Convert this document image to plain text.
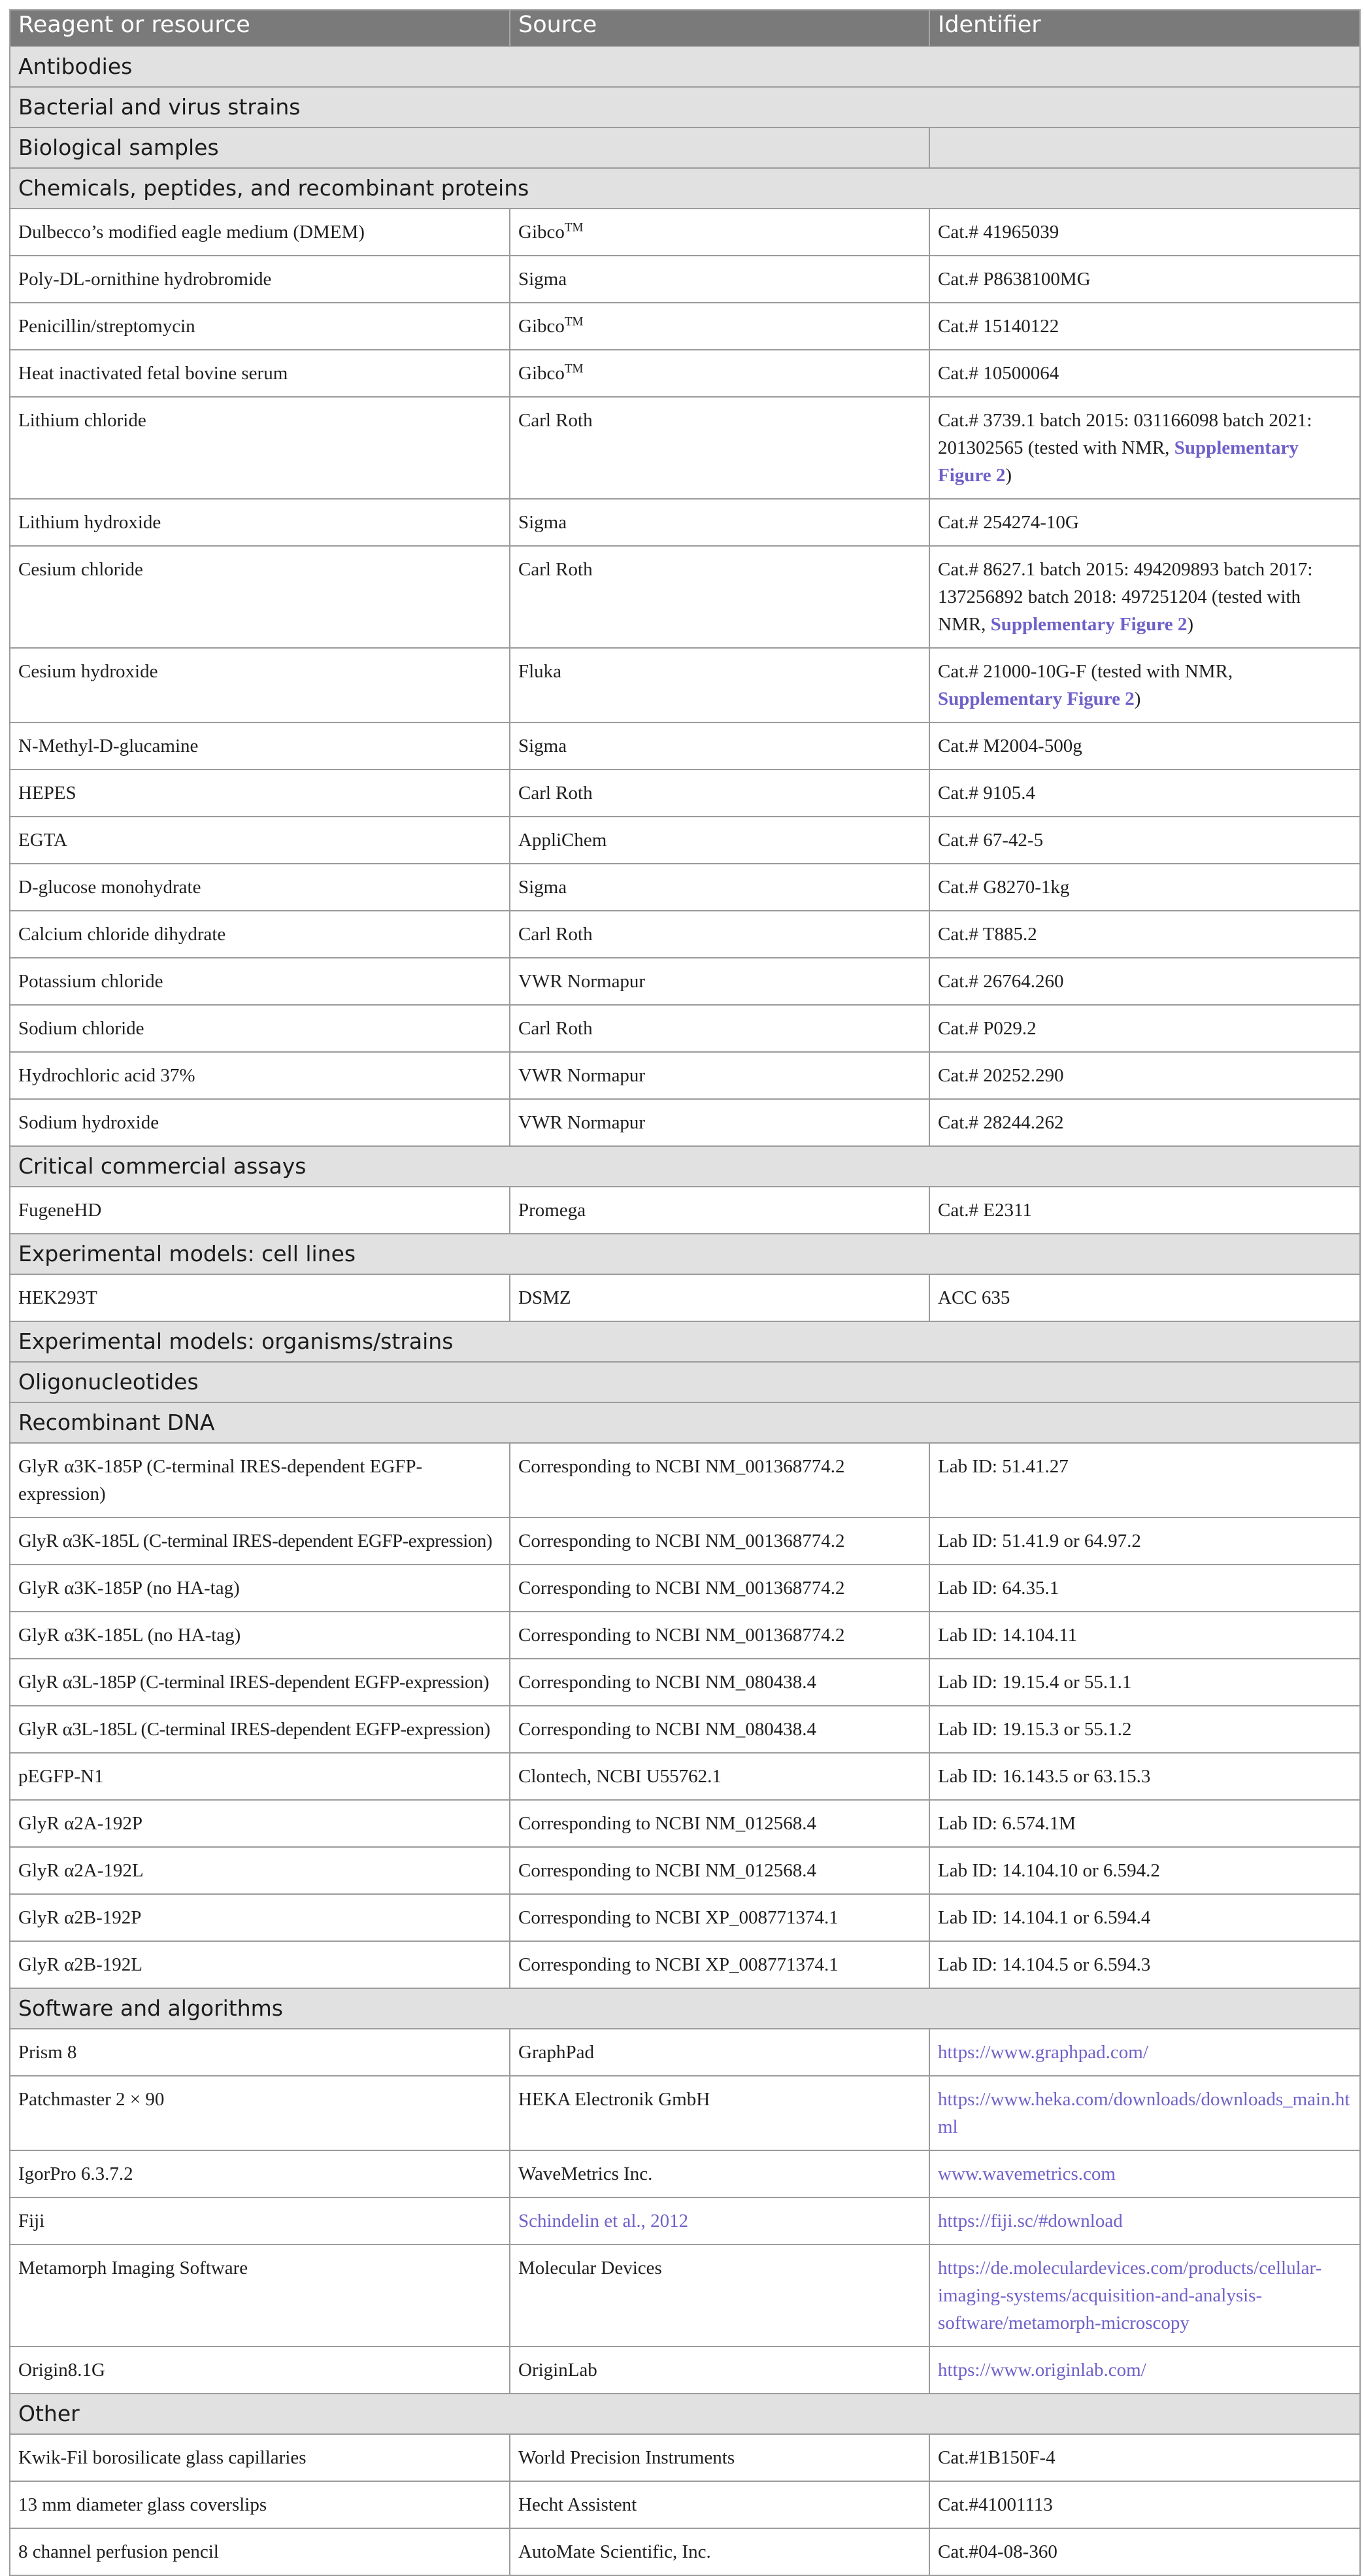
Reagent or resource	Source	Identifier
Antibodies		
Bacterial and virus strains		
Biological samples		
Chemicals, peptides, and recombinant proteins		
Dulbecco’s modified eagle medium (DMEM)	Gibco™	Cat.# 41965039
Poly-DL-ornithine hydrobromide	Sigma	Cat.# P8638100MG
Penicillin/streptomycin	Gibco™	Cat.# 15140122
Heat inactivated fetal bovine serum	Gibco™	Cat.# 10500064
Lithium chloride	Carl Roth	Cat.# 3739.1 batch 2015: 031166098 batch 2021: 201302565 (tested with NMR, Supplementary Figure 2)
Lithium hydroxide	Sigma	Cat.# 254274-10G
Cesium chloride	Carl Roth	Cat.# 8627.1 batch 2015: 494209893 batch 2017: 137256892 batch 2018: 497251204 (tested with NMR, Supplementary Figure 2)
Cesium hydroxide	Fluka	Cat.# 21000-10G-F (tested with NMR, Supplementary Figure 2)
N-Methyl-D-glucamine	Sigma	Cat.# M2004-500g
HEPES	Carl Roth	Cat.# 9105.4
EGTA	AppliChem	Cat.# 67-42-5
D-glucose monohydrate	Sigma	Cat.# G8270-1kg
Calcium chloride dihydrate	Carl Roth	Cat.# T885.2
Potassium chloride	VWR Normapur	Cat.# 26764.260
Sodium chloride	Carl Roth	Cat.# P029.2
Hydrochloric acid 37%	VWR Normapur	Cat.# 20252.290
Sodium hydroxide	VWR Normapur	Cat.# 28244.262
Critical commercial assays		
FugeneHD	Promega	Cat.# E2311
Experimental models: cell lines		
HEK293T	DSMZ	ACC 635
Experimental models: organisms/strains		
Oligonucleotides		
Recombinant DNA		
GlyR α3K-185P (C-terminal IRES-dependent EGFP-expression)	Corresponding to NCBI NM_001368774.2	Lab ID: 51.41.27
GlyR α3K-185L (C-terminal IRES-dependent EGFP-expression)	Corresponding to NCBI NM_001368774.2	Lab ID: 51.41.9 or 64.97.2
GlyR α3K-185P (no HA-tag)	Corresponding to NCBI NM_001368774.2	Lab ID: 64.35.1
GlyR α3K-185L (no HA-tag)	Corresponding to NCBI NM_001368774.2	Lab ID: 14.104.11
GlyR α3L-185P (C-terminal IRES-dependent EGFP-expression)	Corresponding to NCBI NM_080438.4	Lab ID: 19.15.4 or 55.1.1
GlyR α3L-185L (C-terminal IRES-dependent EGFP-expression)	Corresponding to NCBI NM_080438.4	Lab ID: 19.15.3 or 55.1.2
pEGFP-N1	Clontech, NCBI U55762.1	Lab ID: 16.143.5 or 63.15.3
GlyR α2A-192P	Corresponding to NCBI NM_012568.4	Lab ID: 6.574.1M
GlyR α2A-192L	Corresponding to NCBI NM_012568.4	Lab ID: 14.104.10 or 6.594.2
GlyR α2B-192P	Corresponding to NCBI XP_008771374.1	Lab ID: 14.104.1 or 6.594.4
GlyR α2B-192L	Corresponding to NCBI XP_008771374.1	Lab ID: 14.104.5 or 6.594.3
Software and algorithms		
Prism 8	GraphPad	https://www.graphpad.com/
Patchmaster 2 × 90	HEKA Electronik GmbH	https://www.heka.com/downloads/downloads_main.html
IgorPro 6.3.7.2	WaveMetrics Inc.	www.wavemetrics.com
Fiji	Schindelin et al., 2012	https://fiji.sc/#download
Metamorph Imaging Software	Molecular Devices	https://de.moleculardevices.com/products/cellular-imaging-systems/acquisition-and-analysis-software/metamorph-microscopy
Origin8.1G	OriginLab	https://www.originlab.com/
Other		
Kwik-Fil borosilicate glass capillaries	World Precision Instruments	Cat.#1B150F-4
13 mm diameter glass coverslips	Hecht Assistent	Cat.#41001113
8 channel perfusion pencil	AutoMate Scientific, Inc.	Cat.#04-08-360
